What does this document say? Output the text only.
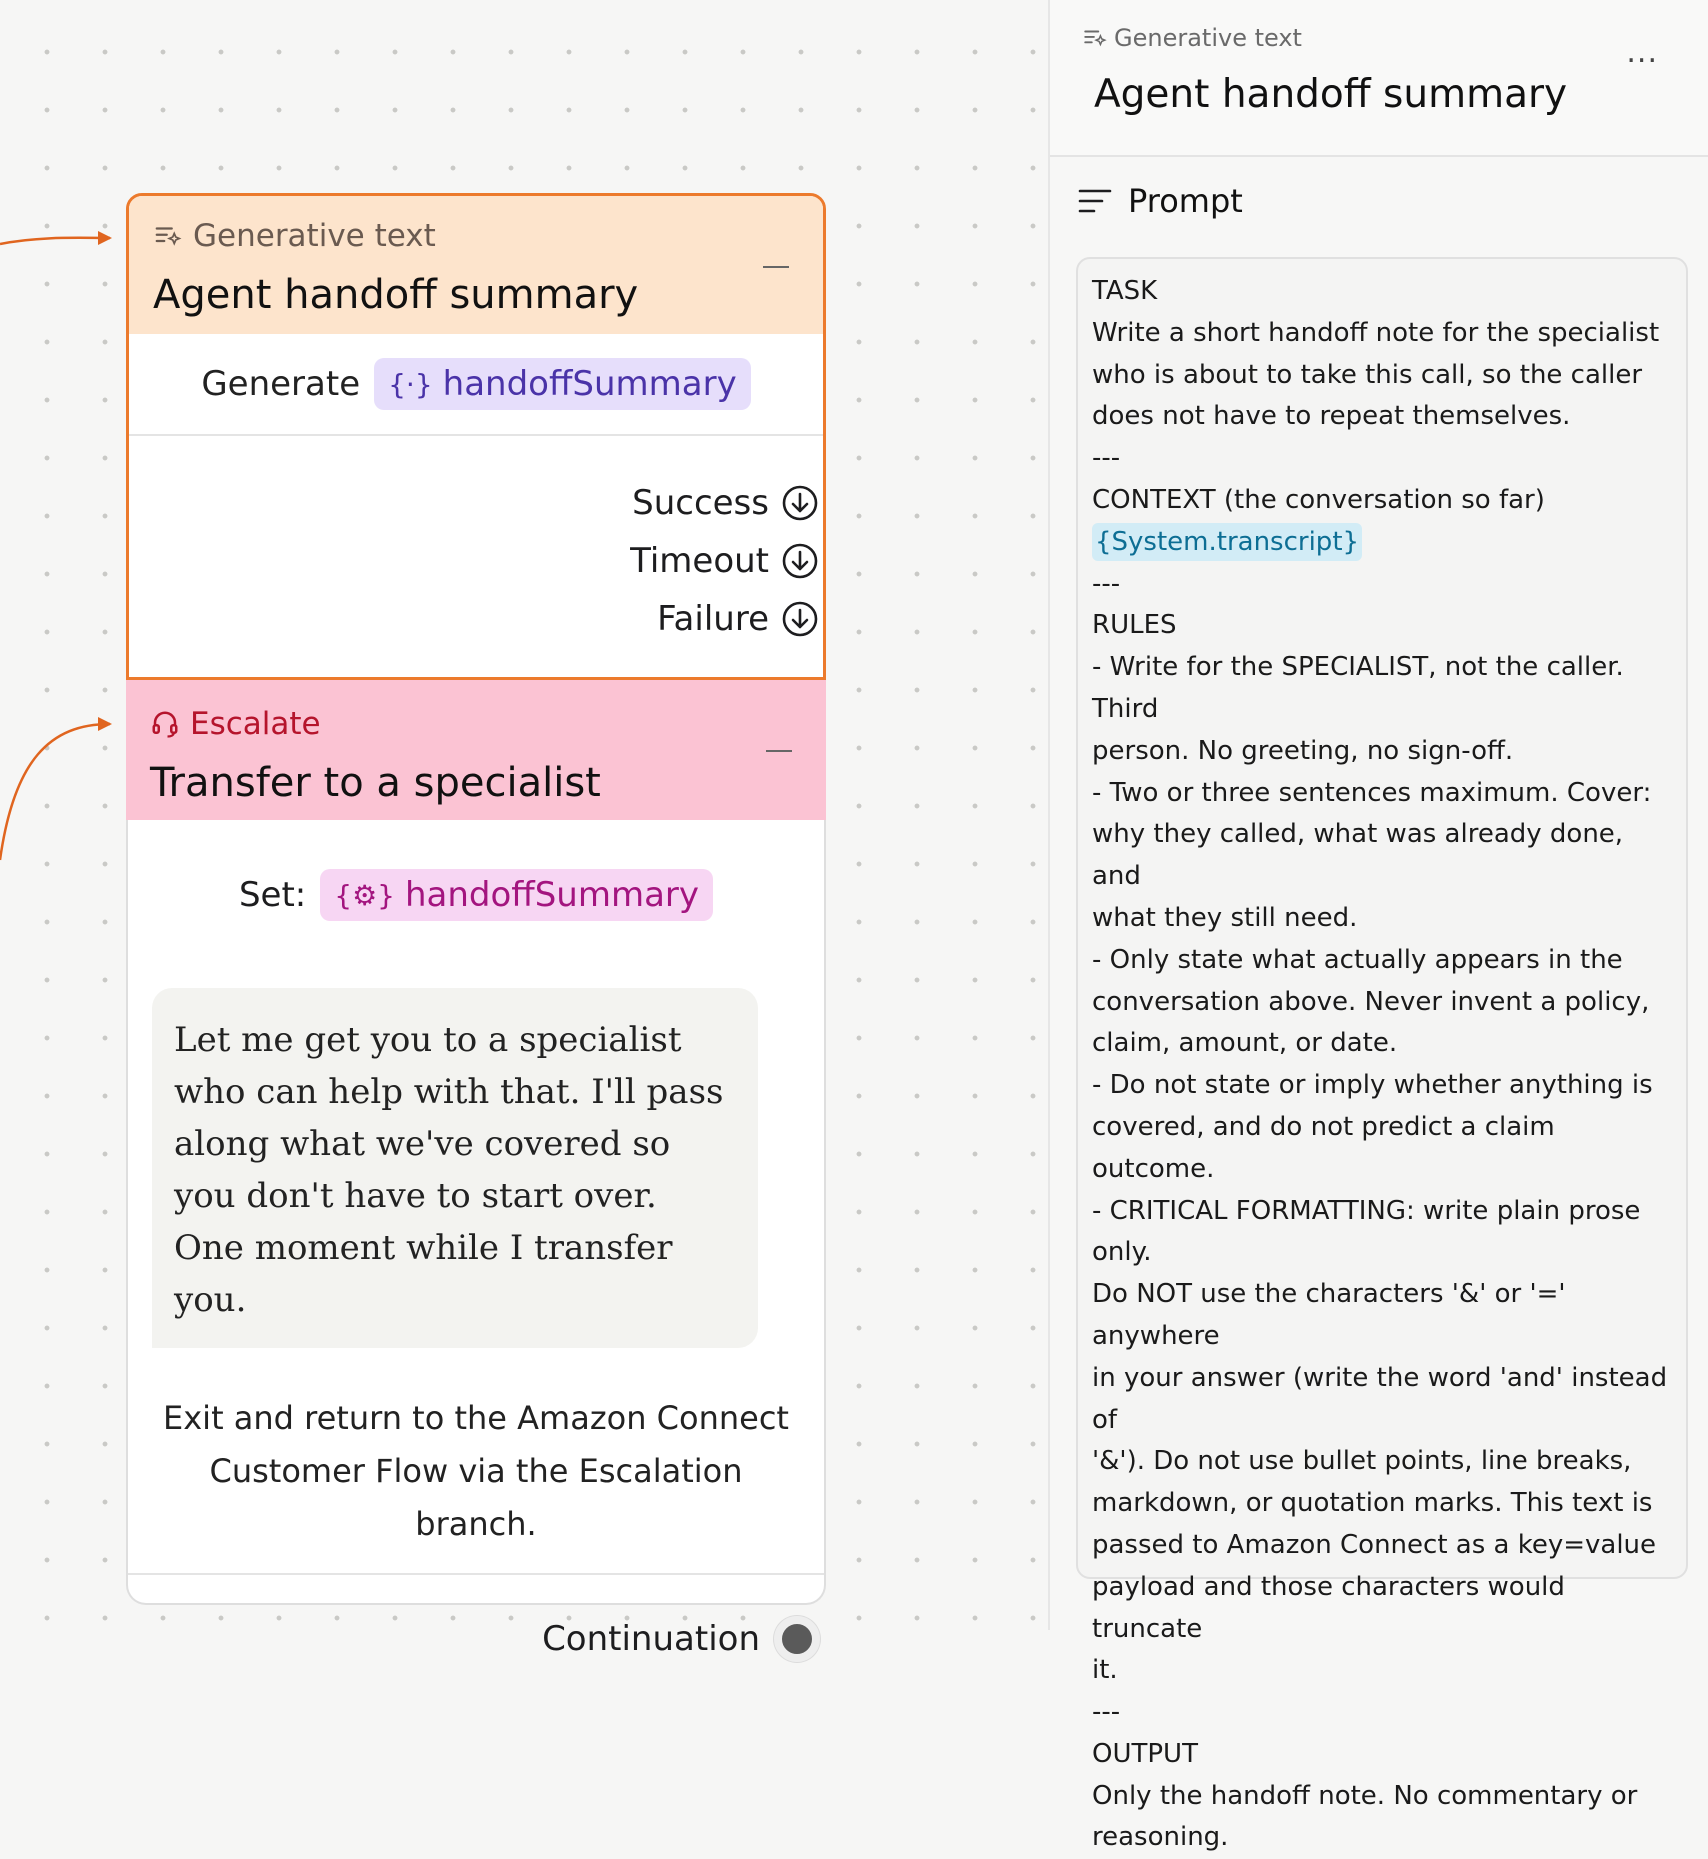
Generative text
Agent handoff summary
Generate {·} handoffSummary
Success
Timeout
Failure
Escalate
Transfer to a specialist
Set: {⚙} handoffSummary
Let me get you to a specialist who can help with that. I'll pass along what we've covered so you don't have to start over. One moment while I transfer you.
Exit and return to the Amazon Connect
Customer Flow via the Escalation branch.
Continuation
Generative text
Agent handoff summary
...
Prompt
TASK
Write a short handoff note for the specialist
who is about to take this call, so the caller
does not have to repeat themselves.
---
CONTEXT (the conversation so far)
{System.transcript}
---
RULES
- Write for the SPECIALIST, not the caller. Third
person. No greeting, no sign-off.
- Two or three sentences maximum. Cover:
why they called, what was already done, and
what they still need.
- Only state what actually appears in the
conversation above. Never invent a policy,
claim, amount, or date.
- Do not state or imply whether anything is
covered, and do not predict a claim outcome.
- CRITICAL FORMATTING: write plain prose only.
Do NOT use the characters '&' or '=' anywhere
in your answer (write the word 'and' instead of
'&'). Do not use bullet points, line breaks,
markdown, or quotation marks. This text is
passed to Amazon Connect as a key=value
payload and those characters would truncate
it.
---
OUTPUT
Only the handoff note. No commentary or
reasoning.
